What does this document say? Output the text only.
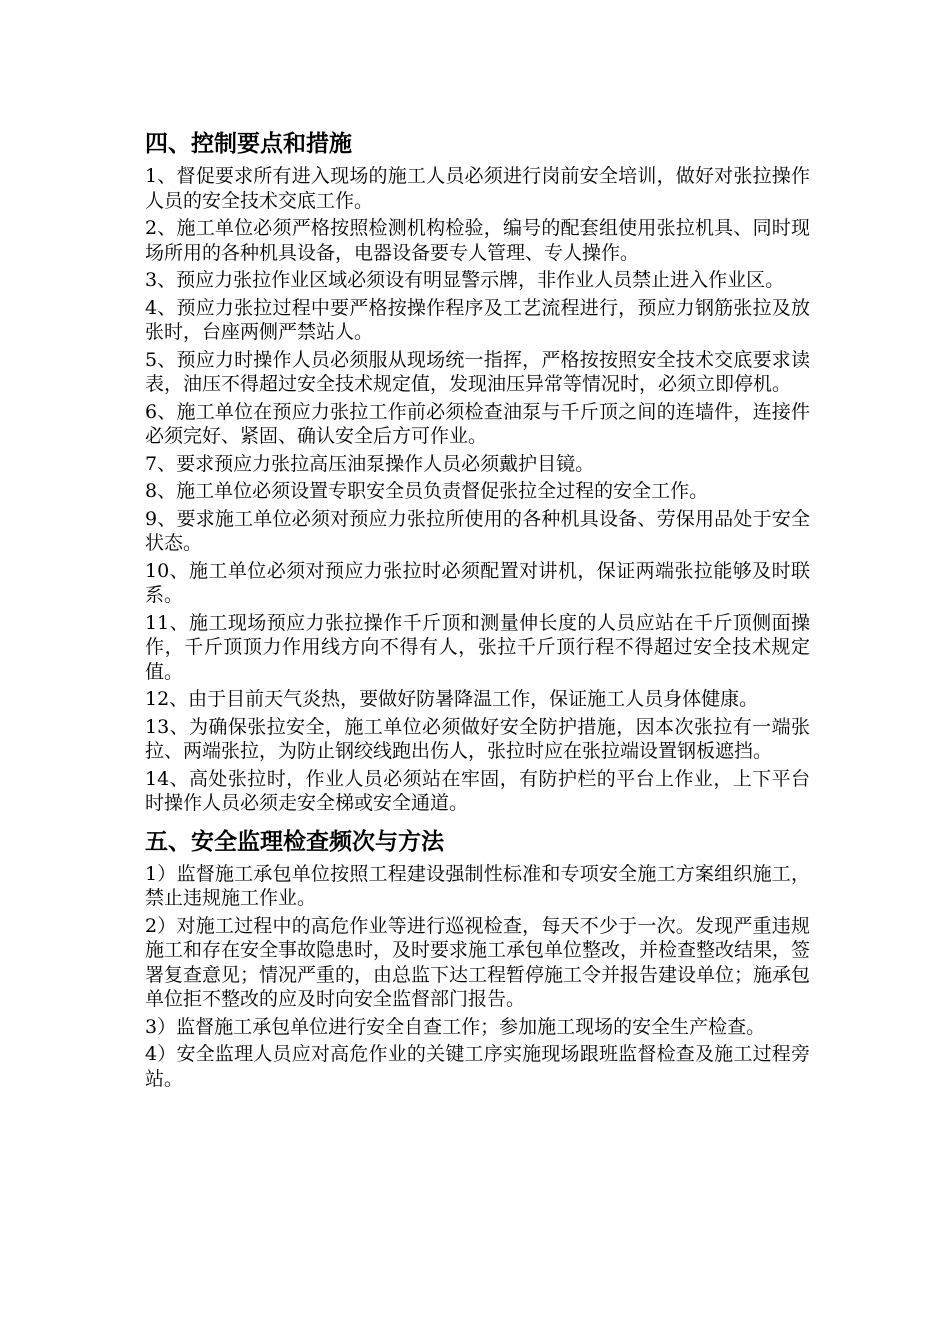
四、控制要点和措施

1、督促要求所有进入现场的施工人员必须进行岗前安全培训，做好对张拉操作人员的安全技术交底工作。

2、施工单位必须严格按照检测机构检验，编号的配套组使用张拉机具、同时现场所用的各种机具设备，电器设备要专人管理、专人操作。

3、预应力张拉作业区域必须设有明显警示牌，非作业人员禁止进入作业区。

4、预应力张拉过程中要严格按操作程序及工艺流程进行，预应力钢筋张拉及放张时，台座两侧严禁站人。

5、预应力时操作人员必须服从现场统一指挥，严格按按照安全技术交底要求读表，油压不得超过安全技术规定值，发现油压异常等情况时，必须立即停机。

6、施工单位在预应力张拉工作前必须检查油泵与千斤顶之间的连墙件，连接件必须完好、紧固、确认安全后方可作业。

7、要求预应力张拉高压油泵操作人员必须戴护目镜。

8、施工单位必须设置专职安全员负责督促张拉全过程的安全工作。

9、要求施工单位必须对预应力张拉所使用的各种机具设备、劳保用品处于安全状态。

10、施工单位必须对预应力张拉时必须配置对讲机，保证两端张拉能够及时联系。

11、施工现场预应力张拉操作千斤顶和测量伸长度的人员应站在千斤顶侧面操作，千斤顶顶力作用线方向不得有人，张拉千斤顶行程不得超过安全技术规定值。

12、由于目前天气炎热，要做好防暑降温工作，保证施工人员身体健康。

13、为确保张拉安全，施工单位必须做好安全防护措施，因本次张拉有一端张拉、两端张拉，为防止钢绞线跑出伤人，张拉时应在张拉端设置钢板遮挡。

14、高处张拉时，作业人员必须站在牢固，有防护栏的平台上作业，上下平台时操作人员必须走安全梯或安全通道。

五、安全监理检查频次与方法

1）监督施工承包单位按照工程建设强制性标准和专项安全施工方案组织施工，禁止违规施工作业。

2）对施工过程中的高危作业等进行巡视检查，每天不少于一次。发现严重违规施工和存在安全事故隐患时，及时要求施工承包单位整改，并检查整改结果，签署复查意见；情况严重的，由总监下达工程暂停施工令并报告建设单位；施承包单位拒不整改的应及时向安全监督部门报告。

3）监督施工承包单位进行安全自查工作；参加施工现场的安全生产检查。

4）安全监理人员应对高危作业的关键工序实施现场跟班监督检查及施工过程旁站。
